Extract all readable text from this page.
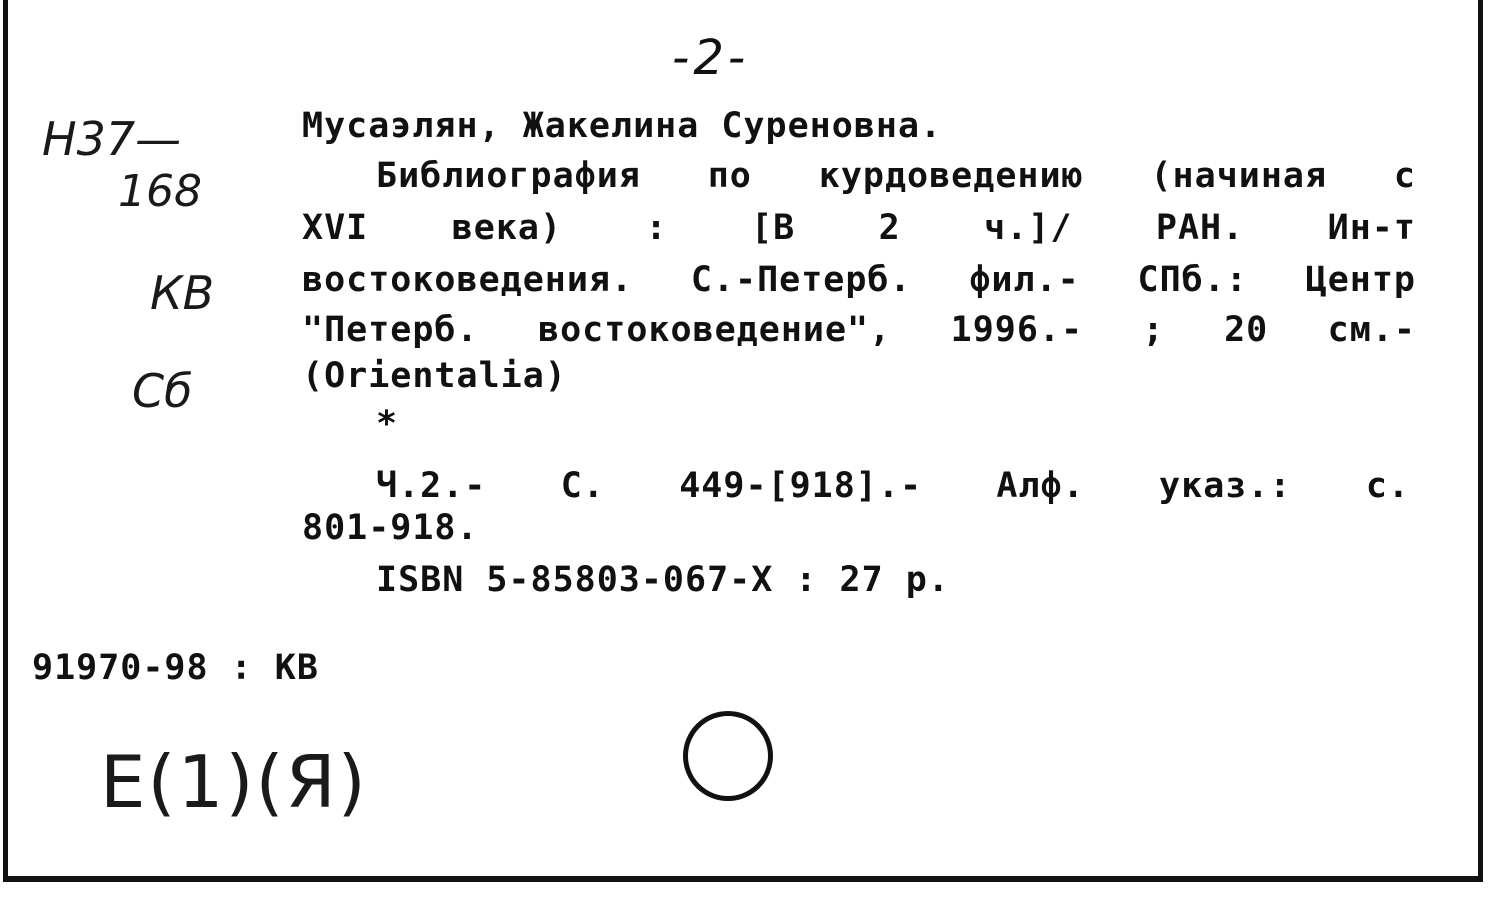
-2-
Н37—
168
КВ
Сб
Мусаэлян, Жакелина Суреновна.
Библиография по курдоведению (начиная с
XVI века) : [В 2 ч.]/ РАН. Ин-т
востоковедения. С.-Петерб. фил.- СПб.: Центр
"Петерб. востоковедение", 1996.- ; 20 см.-
(Orientalia)
*
Ч.2.- С. 449-[918].- Алф. указ.: с.
801-918.
ISBN 5-85803-067-X : 27 р.
91970-98 ։ КВ
E(1)(Я)
